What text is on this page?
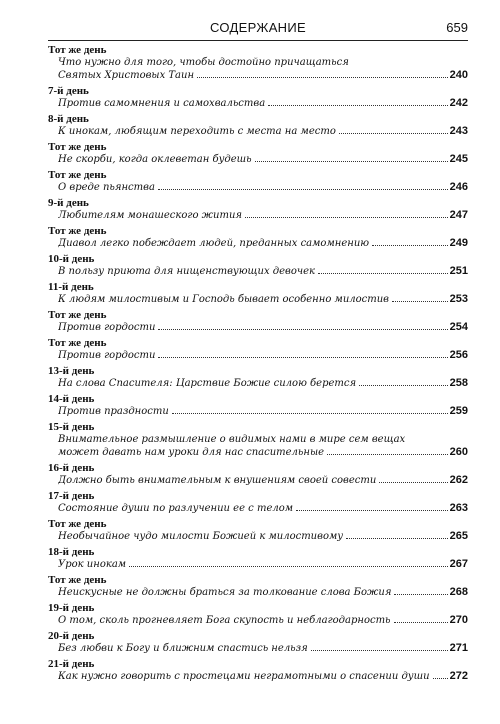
СОДЕРЖАНИЕ	659
Тот же день
Что нужно для того, чтобы достойно причащаться
Святых Христовых Таин	240
7-й день
Против самомнения и самохвальства	242
8-й день
К инокам, любящим переходить с места на место	243
Тот же день
Не скорби, когда оклеветан будешь	245
Тот же день
О вреде пьянства	246
9-й день
Любителям монашеского жития	247
Тот же день
Диавол легко побеждает людей, преданных самомнению	249
10-й день
В пользу приюта для нищенствующих девочек	251
11-й день
К людям милостивым и Господь бывает особенно милостив	253
Тот же день
Против гордости	254
Тот же день
Против гордости	256
13-й день
На слова Спасителя: Царствие Божие силою берется	258
14-й день
Против праздности	259
15-й день
Внимательное размышление о видимых нами в мире сем вещах
может давать нам уроки для нас спасительные	260
16-й день
Должно быть внимательным к внушениям своей совести	262
17-й день
Состояние души по разлучении ее с телом	263
Тот же день
Необычайное чудо милости Божией к милостивому	265
18-й день
Урок инокам	267
Тот же день
Неискусные не должны браться за толкование слова Божия	268
19-й день
О том, сколь прогневляет Бога скупость и неблагодарность	270
20-й день
Без любви к Богу и ближним спастись нельзя	271
21-й день
Как нужно говорить с простецами неграмотными о спасении души 272
